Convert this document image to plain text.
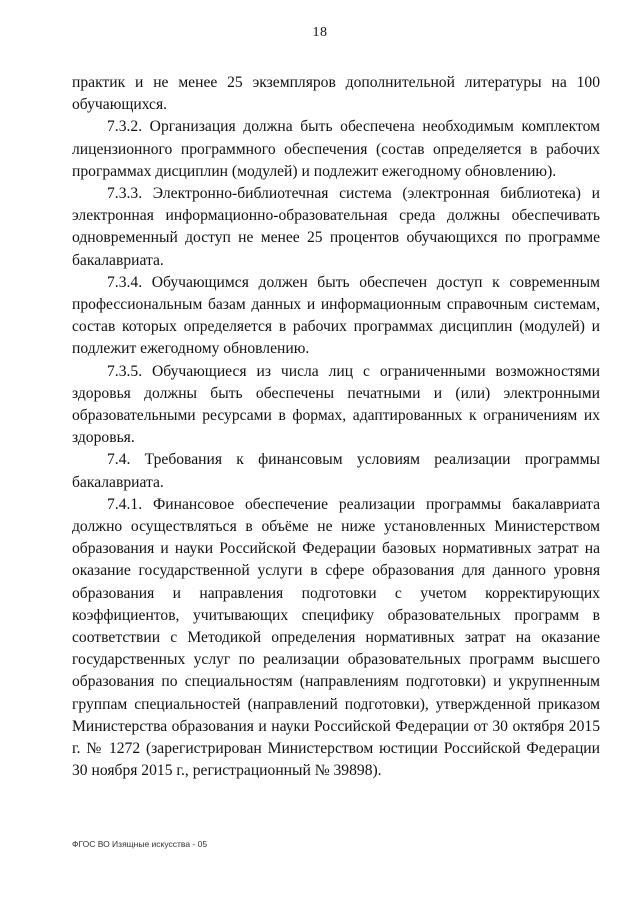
18

практик и не менее 25 экземпляров дополнительной литературы на 100 обучающихся.

7.3.2. Организация должна быть обеспечена необходимым комплектом лицензионного программного обеспечения (состав определяется в рабочих программах дисциплин (модулей) и подлежит ежегодному обновлению).

7.3.3. Электронно-библиотечная система (электронная библиотека) и электронная информационно-образовательная среда должны обеспечивать одновременный доступ не менее 25 процентов обучающихся по программе бакалавриата.

7.3.4. Обучающимся должен быть обеспечен доступ к современным профессиональным базам данных и информационным справочным системам, состав которых определяется в рабочих программах дисциплин (модулей) и подлежит ежегодному обновлению.

7.3.5. Обучающиеся из числа лиц с ограниченными возможностями здоровья должны быть обеспечены печатными и (или) электронными образовательными ресурсами в формах, адаптированных к ограничениям их здоровья.

7.4. Требования к финансовым условиям реализации программы бакалавриата.

7.4.1. Финансовое обеспечение реализации программы бакалавриата должно осуществляться в объёме не ниже установленных Министерством образования и науки Российской Федерации базовых нормативных затрат на оказание государственной услуги в сфере образования для данного уровня образования и направления подготовки с учетом корректирующих коэффициентов, учитывающих специфику образовательных программ в соответствии с Методикой определения нормативных затрат на оказание государственных услуг по реализации образовательных программ высшего образования по специальностям (направлениям подготовки) и укрупненным группам специальностей (направлений подготовки), утвержденной приказом Министерства образования и науки Российской Федерации от 30 октября 2015 г. № 1272 (зарегистрирован Министерством юстиции Российской Федерации 30 ноября 2015 г., регистрационный № 39898).

ФГОС ВО Изящные искусства - 05
